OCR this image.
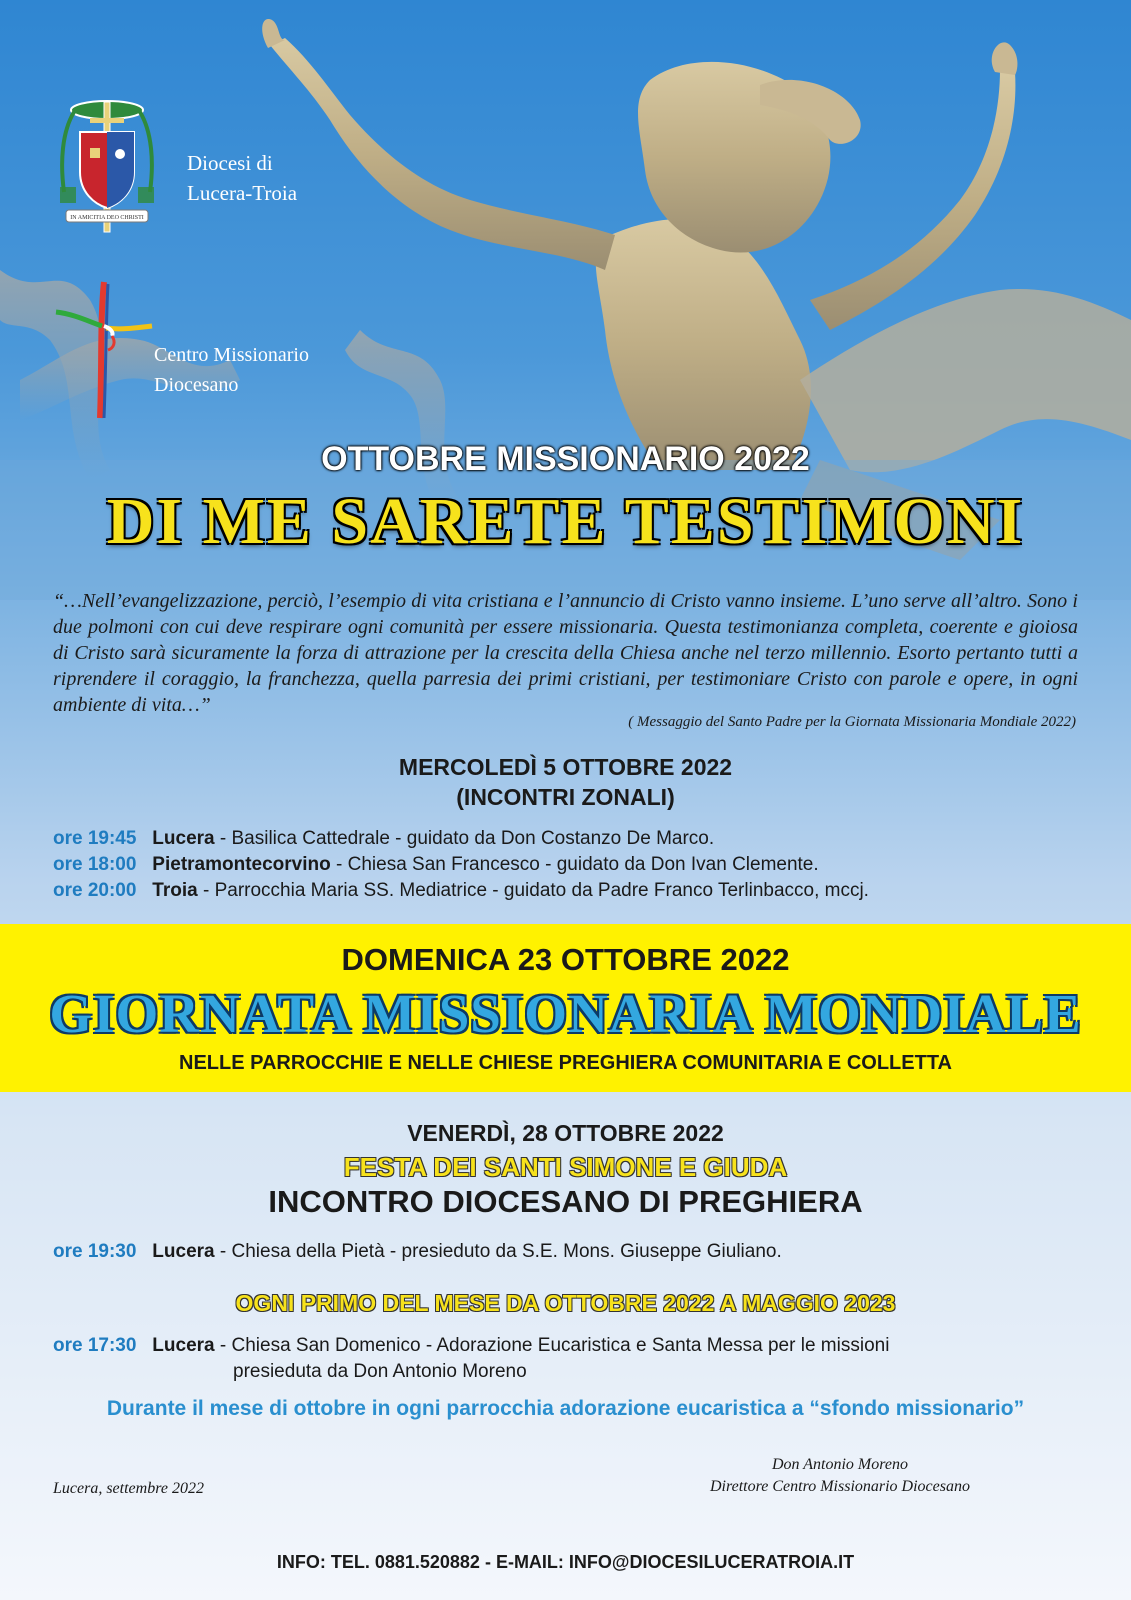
IN AMICITIA DEO CHRISTI
Diocesi di
Lucera-Troia
Centro Missionario
Diocesano
OTTOBRE MISSIONARIO 2022
DI ME SARETE TESTIMONI
“…Nell’evangelizzazione, perciò, l’esempio di vita cristiana e l’annuncio di Cristo vanno insieme. L’uno serve all’altro. Sono i due polmoni con cui deve respirare ogni comunità per essere missionaria. Questa testimonianza completa, coerente e gioiosa di Cristo sarà sicuramente la forza di attrazione per la crescita della Chiesa anche nel terzo millennio. Esorto pertanto tutti a riprendere il coraggio, la franchezza, quella parresia dei primi cristiani, per testimoniare Cristo con parole e opere, in ogni ambiente di vita…”
( Messaggio del Santo Padre per la Giornata Missionaria Mondiale 2022)
MERCOLEDÌ 5 OTTOBRE 2022
(INCONTRI ZONALI)
ore 19:45 Lucera - Basilica Cattedrale - guidato da Don Costanzo De Marco.
ore 18:00 Pietramontecorvino - Chiesa San Francesco - guidato da Don Ivan Clemente.
ore 20:00 Troia - Parrocchia Maria SS. Mediatrice - guidato da Padre Franco Terlinbacco, mccj.
DOMENICA 23 OTTOBRE 2022
GIORNATA MISSIONARIA MONDIALE
NELLE PARROCCHIE E NELLE CHIESE PREGHIERA COMUNITARIA E COLLETTA
VENERDÌ, 28 OTTOBRE 2022
FESTA DEI SANTI SIMONE E GIUDA
INCONTRO DIOCESANO DI PREGHIERA
ore 19:30 Lucera - Chiesa della Pietà - presieduto da S.E. Mons. Giuseppe Giuliano.
OGNI PRIMO DEL MESE DA OTTOBRE 2022 A MAGGIO 2023
ore 17:30 Lucera - Chiesa San Domenico - Adorazione Eucaristica e Santa Messa per le missioni
presieduta da Don Antonio Moreno
Durante il mese di ottobre in ogni parrocchia adorazione eucaristica a “sfondo missionario”
Lucera, settembre 2022
Don Antonio Moreno
Direttore Centro Missionario Diocesano
INFO: TEL. 0881.520882 - E-MAIL: INFO@DIOCESILUCERATROIA.IT
